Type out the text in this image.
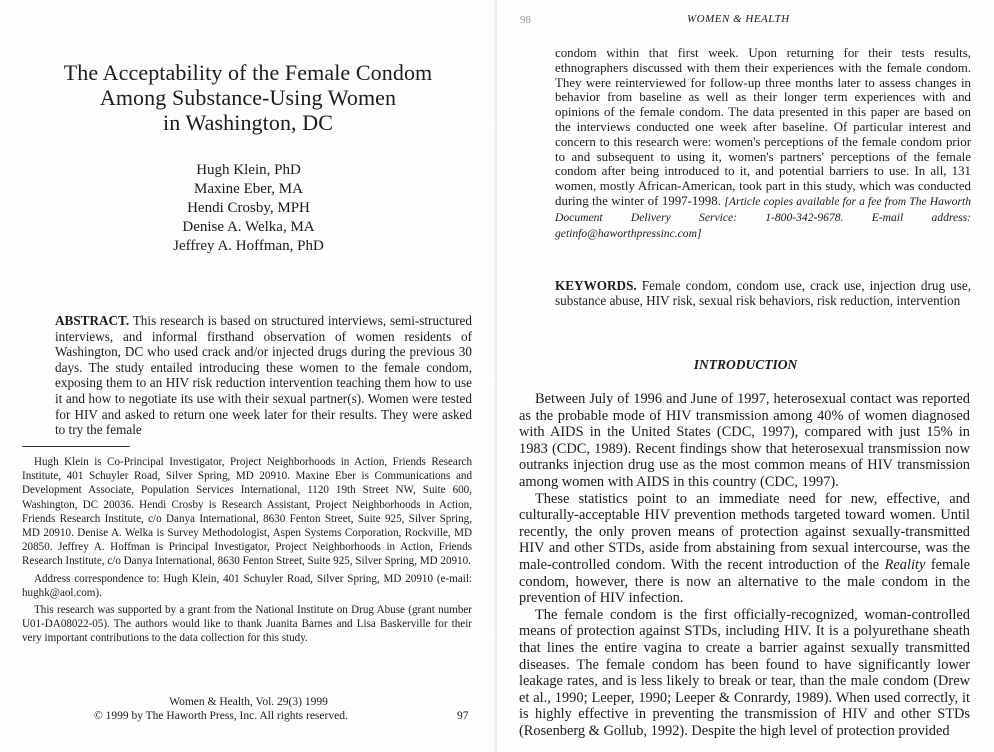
The Acceptability of the Female Condom
Among Substance-Using Women
in Washington, DC
Hugh Klein, PhD
Maxine Eber, MA
Hendi Crosby, MPH
Denise A. Welka, MA
Jeffrey A. Hoffman, PhD
ABSTRACT. This research is based on structured interviews, semi-structured interviews, and informal firsthand observation of women residents of Washington, DC who used crack and/or injected drugs during the previous 30 days. The study entailed introducing these women to the female condom, exposing them to an HIV risk reduction intervention teaching them how to use it and how to negotiate its use with their sexual partner(s). Women were tested for HIV and asked to return one week later for their results. They were asked to try the female

Hugh Klein is Co-Principal Investigator, Project Neighborhoods in Action, Friends Research Institute, 401 Schuyler Road, Silver Spring, MD 20910. Maxine Eber is Communications and Development Associate, Population Services International, 1120 19th Street NW, Suite 600, Washington, DC 20036. Hendi Crosby is Research Assistant, Project Neighborhoods in Action, Friends Research Institute, c/o Danya International, 8630 Fenton Street, Suite 925, Silver Spring, MD 20910. Denise A. Welka is Survey Methodologist, Aspen Systems Corporation, Rockville, MD 20850. Jeffrey A. Hoffman is Principal Investigator, Project Neighborhoods in Action, Friends Research Institute, c/o Danya International, 8630 Fenton Street, Suite 925, Silver Spring, MD 20910.

Address correspondence to: Hugh Klein, 401 Schuyler Road, Silver Spring, MD 20910 (e-mail: hughk@aol.com).

This research was supported by a grant from the National Institute on Drug Abuse (grant number U01-DA08022-05). The authors would like to thank Juanita Barnes and Lisa Baskerville for their very important contributions to the data collection for this study.

Women & Health, Vol. 29(3) 1999
© 1999 by The Haworth Press, Inc. All rights reserved.	97
98	WOMEN & HEALTH
condom within that first week. Upon returning for their tests results, ethnographers discussed with them their experiences with the female condom. They were reinterviewed for follow-up three months later to assess changes in behavior from baseline as well as their longer term experiences with and opinions of the female condom. The data presented in this paper are based on the interviews conducted one week after baseline. Of particular interest and concern to this research were: women's perceptions of the female condom prior to and subsequent to using it, women's partners' perceptions of the female condom after being introduced to it, and potential barriers to use. In all, 131 women, mostly African-American, took part in this study, which was conducted during the winter of 1997-1998. [Article copies available for a fee from The Haworth Document Delivery Service: 1-800-342-9678. E-mail address: getinfo@haworthpressinc.com]
KEYWORDS. Female condom, condom use, crack use, injection drug use, substance abuse, HIV risk, sexual risk behaviors, risk reduction, intervention
INTRODUCTION

Between July of 1996 and June of 1997, heterosexual contact was reported as the probable mode of HIV transmission among 40% of women diagnosed with AIDS in the United States (CDC, 1997), compared with just 15% in 1983 (CDC, 1989). Recent findings show that heterosexual transmission now outranks injection drug use as the most common means of HIV transmission among women with AIDS in this country (CDC, 1997).

These statistics point to an immediate need for new, effective, and culturally-acceptable HIV prevention methods targeted toward women. Until recently, the only proven means of protection against sexually-transmitted HIV and other STDs, aside from abstaining from sexual intercourse, was the male-controlled condom. With the recent introduction of the Reality female condom, however, there is now an alternative to the male condom in the prevention of HIV infection.

The female condom is the first officially-recognized, woman-controlled means of protection against STDs, including HIV. It is a polyurethane sheath that lines the entire vagina to create a barrier against sexually transmitted diseases. The female condom has been found to have significantly lower leakage rates, and is less likely to break or tear, than the male condom (Drew et al., 1990; Leeper, 1990; Leeper & Conrardy, 1989). When used correctly, it is highly effective in preventing the transmission of HIV and other STDs (Rosenberg & Gollub, 1992). Despite the high level of protection provided
